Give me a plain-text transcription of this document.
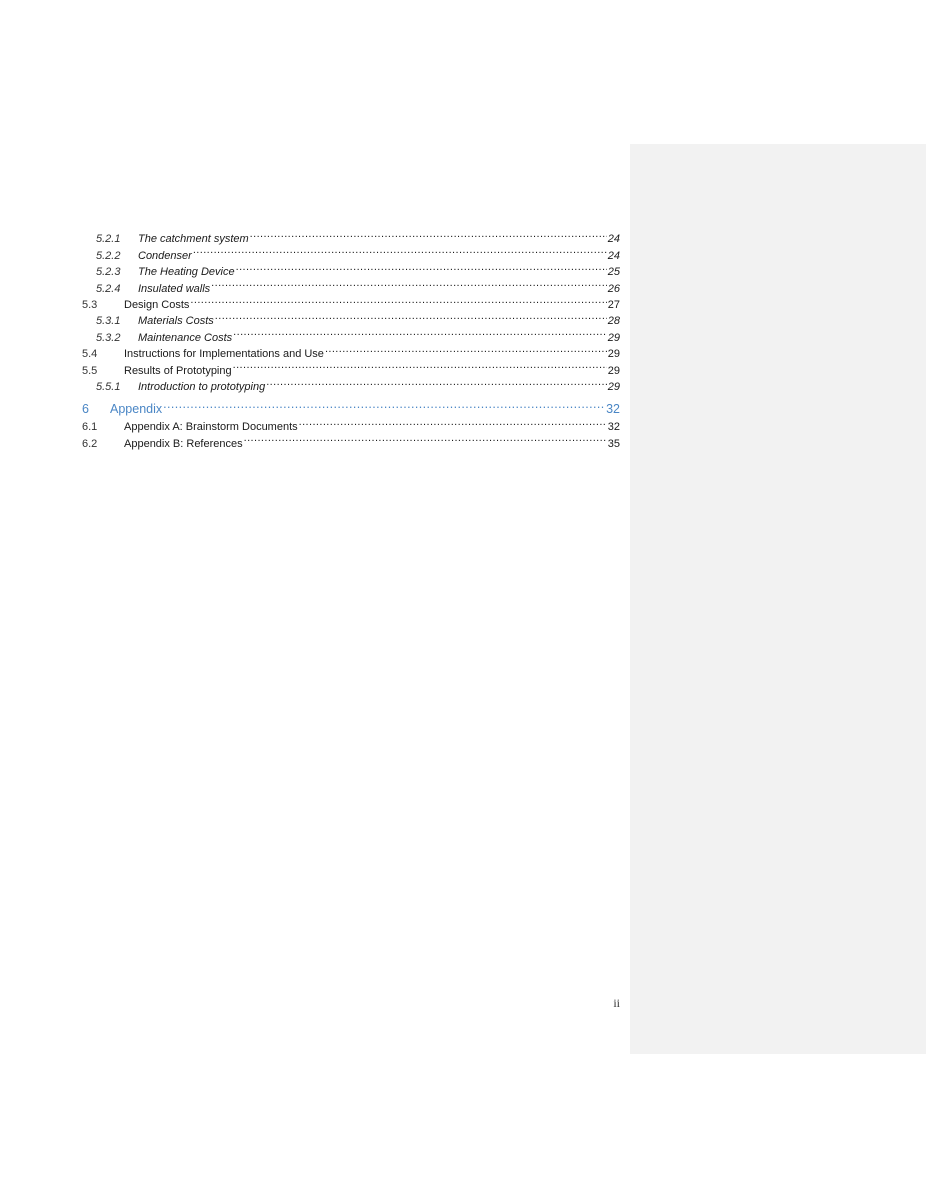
5.2.1	The catchment system .....	24
5.2.2	Condenser .....	24
5.2.3	The Heating Device .....	25
5.2.4	Insulated walls .....	26
5.3	Design Costs .....	27
5.3.1	Materials Costs .....	28
5.3.2	Maintenance Costs .....	29
5.4	Instructions for Implementations and Use .....	29
5.5	Results of Prototyping .....	29
5.5.1	Introduction to prototyping .....	29
6	Appendix .....	32
6.1	Appendix A: Brainstorm Documents .....	32
6.2	Appendix B: References .....	35
ii
